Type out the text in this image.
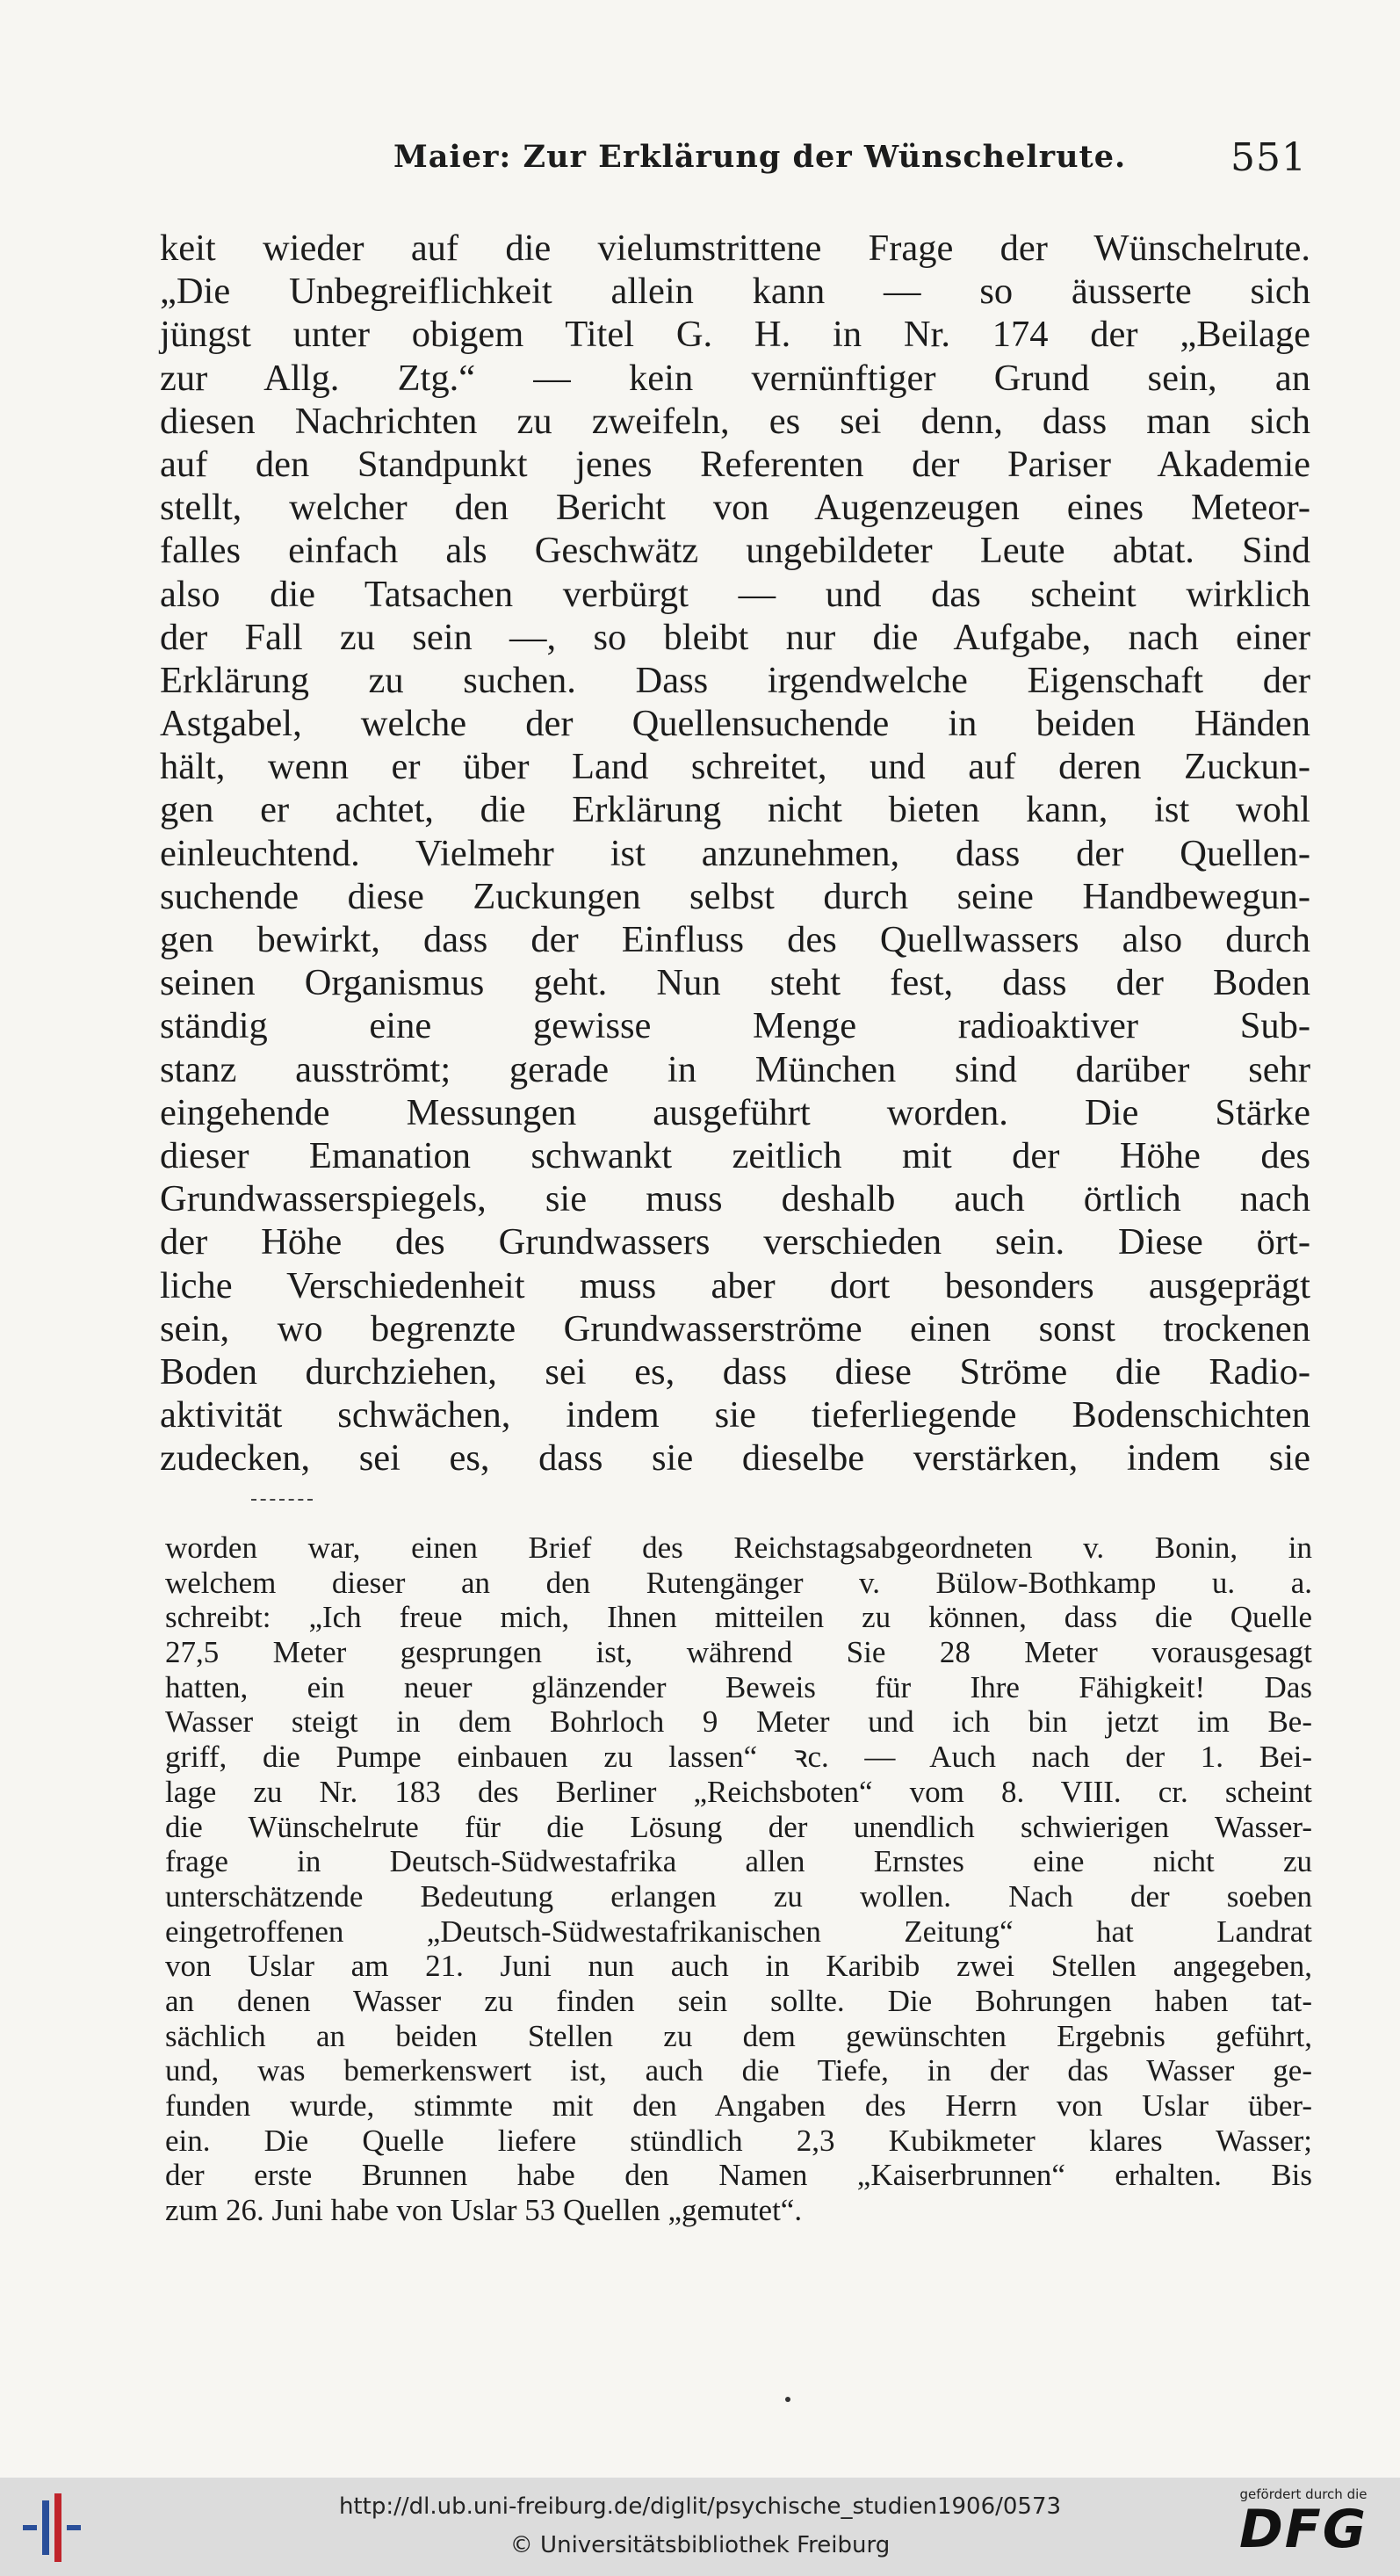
Maier: Zur Erklärung der Wünschelrute.	551
keit wieder auf die vielumstrittene Frage der Wünschelrute.
„Die Unbegreiflichkeit allein kann — so äusserte sich
jüngst unter obigem Titel G. H. in Nr. 174 der „Beilage
zur Allg. Ztg.“ — kein vernünftiger Grund sein, an
diesen Nachrichten zu zweifeln, es sei denn, dass man sich
auf den Standpunkt jenes Referenten der Pariser Akademie
stellt, welcher den Bericht von Augenzeugen eines Meteor-
falles einfach als Geschwätz ungebildeter Leute abtat. Sind
also die Tatsachen verbürgt — und das scheint wirklich
der Fall zu sein —, so bleibt nur die Aufgabe, nach einer
Erklärung zu suchen. Dass irgendwelche Eigenschaft der
Astgabel, welche der Quellensuchende in beiden Händen
hält, wenn er über Land schreitet, und auf deren Zuckun-
gen er achtet, die Erklärung nicht bieten kann, ist wohl
einleuchtend. Vielmehr ist anzunehmen, dass der Quellen-
suchende diese Zuckungen selbst durch seine Handbewegun-
gen bewirkt, dass der Einfluss des Quellwassers also durch
seinen Organismus geht. Nun steht fest, dass der Boden
ständig eine gewisse Menge radioaktiver Sub-
stanz ausströmt; gerade in München sind darüber sehr
eingehende Messungen ausgeführt worden. Die Stärke
dieser Emanation schwankt zeitlich mit der Höhe des
Grundwasserspiegels, sie muss deshalb auch örtlich nach
der Höhe des Grundwassers verschieden sein. Diese ört-
liche Verschiedenheit muss aber dort besonders ausgeprägt
sein, wo begrenzte Grundwasserströme einen sonst trockenen
Boden durchziehen, sei es, dass diese Ströme die Radio-
aktivität schwächen, indem sie tieferliegende Bodenschichten
zudecken, sei es, dass sie dieselbe verstärken, indem sie
worden war, einen Brief des Reichstagsabgeordneten v. Bonin, in
welchem dieser an den Rutengänger v. Bülow-Bothkamp u. a.
schreibt: „Ich freue mich, Ihnen mitteilen zu können, dass die Quelle
27,5 Meter gesprungen ist, während Sie 28 Meter vorausgesagt
hatten, ein neuer glänzender Beweis für Ihre Fähigkeit! Das
Wasser steigt in dem Bohrloch 9 Meter und ich bin jetzt im Be-
griff, die Pumpe einbauen zu lassen“ ꝛc. — Auch nach der 1. Bei-
lage zu Nr. 183 des Berliner „Reichsboten“ vom 8. VIII. cr. scheint
die Wünschelrute für die Lösung der unendlich schwierigen Wasser-
frage in Deutsch-Südwestafrika allen Ernstes eine nicht zu
unterschätzende Bedeutung erlangen zu wollen. Nach der soeben
eingetroffenen „Deutsch-Südwestafrikanischen Zeitung“ hat Landrat
von Uslar am 21. Juni nun auch in Karibib zwei Stellen angegeben,
an denen Wasser zu finden sein sollte. Die Bohrungen haben tat-
sächlich an beiden Stellen zu dem gewünschten Ergebnis geführt,
und, was bemerkenswert ist, auch die Tiefe, in der das Wasser ge-
funden wurde, stimmte mit den Angaben des Herrn von Uslar über-
ein. Die Quelle liefere stündlich 2,3 Kubikmeter klares Wasser;
der erste Brunnen habe den Namen „Kaiserbrunnen“ erhalten. Bis
zum 26. Juni habe von Uslar 53 Quellen „gemutet“.
http://dl.ub.uni-freiburg.de/diglit/psychische_studien1906/0573
© Universitätsbibliothek Freiburg
gefördert durch die
DFG
